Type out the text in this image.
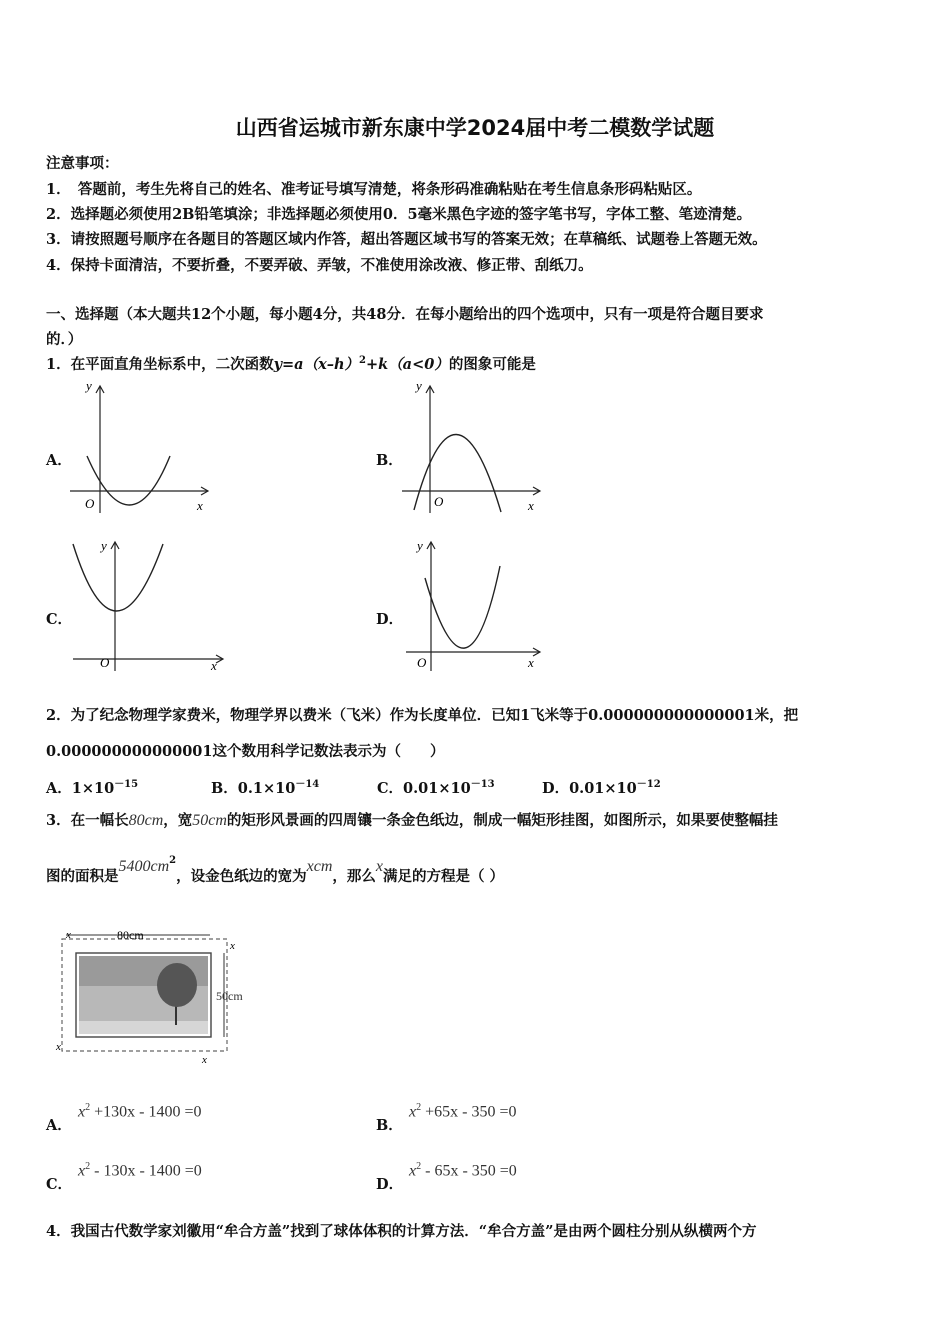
山西省运城市新东康中学2024届中考二模数学试题
注意事项：
1．　答题前，考生先将自己的姓名、准考证号填写清楚，将条形码准确粘贴在考生信息条形码粘贴区。
2．选择题必须使用2B铅笔填涂；非选择题必须使用0．5毫米黑色字迹的签字笔书写，字体工整、笔迹清楚。
3．请按照题号顺序在各题目的答题区域内作答，超出答题区域书写的答案无效；在草稿纸、试题卷上答题无效。
4．保持卡面清洁，不要折叠，不要弄破、弄皱，不准使用涂改液、修正带、刮纸刀。
一、选择题（本大题共12个小题，每小题4分，共48分．在每小题给出的四个选项中，只有一项是符合题目要求
的．）
1．在平面直角坐标系中，二次函数$y=a(x-h)^2+k(a<0)$的图象可能是
A．	B．
C．	D．
y
x
O
y
x
O
y
x
O
y
x
O
2．为了纪念物理学家费米，物理学界以费米（飞米）作为长度单位．已知1飞米等于0.000000000000001米，把
0.000000000000001这个数用科学记数法表示为（　　）
A．$1\times 10^{-15}$	B．$0.1\times 10^{-14}$	C．$0.01\times 10^{-13}$	D．$0.01\times 10^{-12}$
3．在一幅长80cm，宽50cm的矩形风景画的四周镶一条金色纸边，制成一幅矩形挂图，如图所示，如果要使整幅挂
图的面积是$5400cm^2$，设金色纸边的宽为xcm，那么x满足的方程是（ ）
80cm
50cm
x
x
x
x
A．
$x^2 +130x - 1400 =0$
B．
$x^2 +65x - 350 =0$
C．
$x^2 - 130x - 1400 =0$
D．
$x^2 - 65x - 350 =0$
4．我国古代数学家刘徽用“牟合方盖”找到了球体体积的计算方法．“牟合方盖”是由两个圆柱分别从纵横两个方
